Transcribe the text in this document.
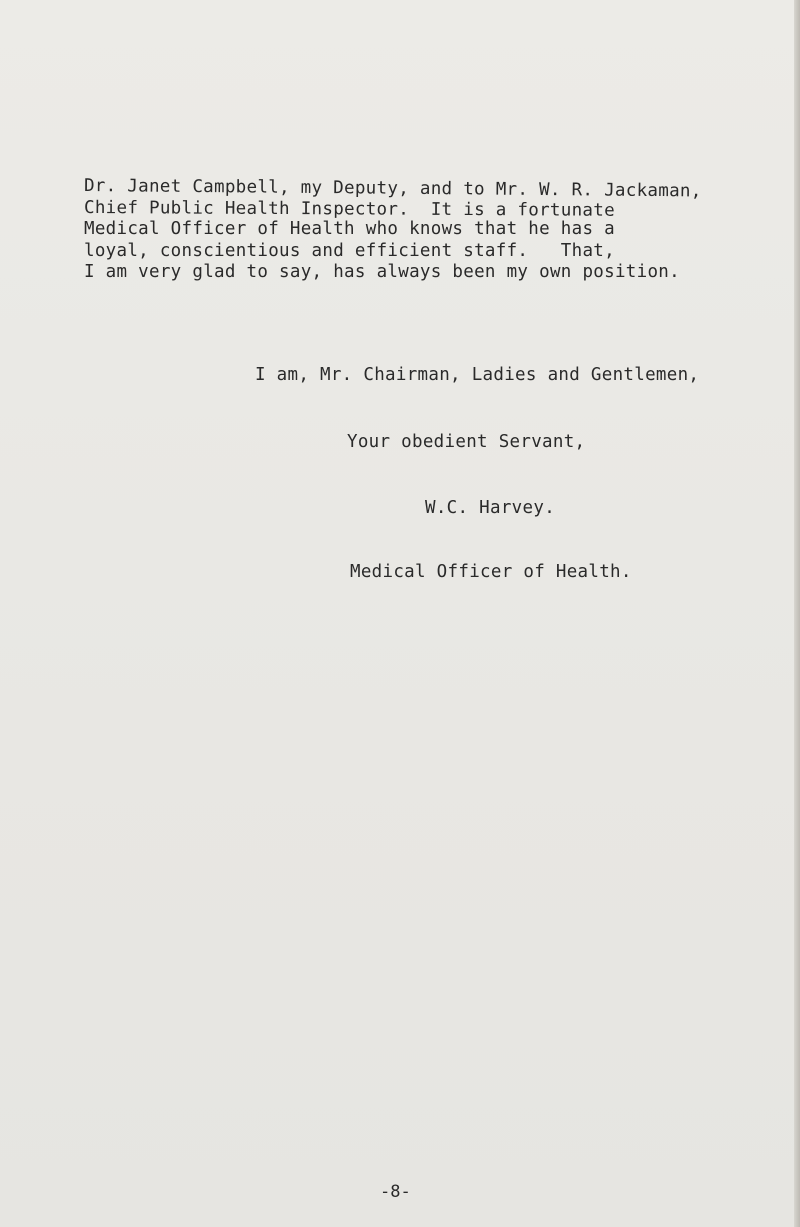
Dr. Janet Campbell, my Deputy, and to Mr. W. R. Jackaman,
Chief Public Health Inspector.  It is a fortunate
Medical Officer of Health who knows that he has a
loyal, conscientious and efficient staff.   That,
I am very glad to say, has always been my own position.
I am, Mr. Chairman, Ladies and Gentlemen,
Your obedient Servant,
W.C. Harvey.
Medical Officer of Health.
-8-
